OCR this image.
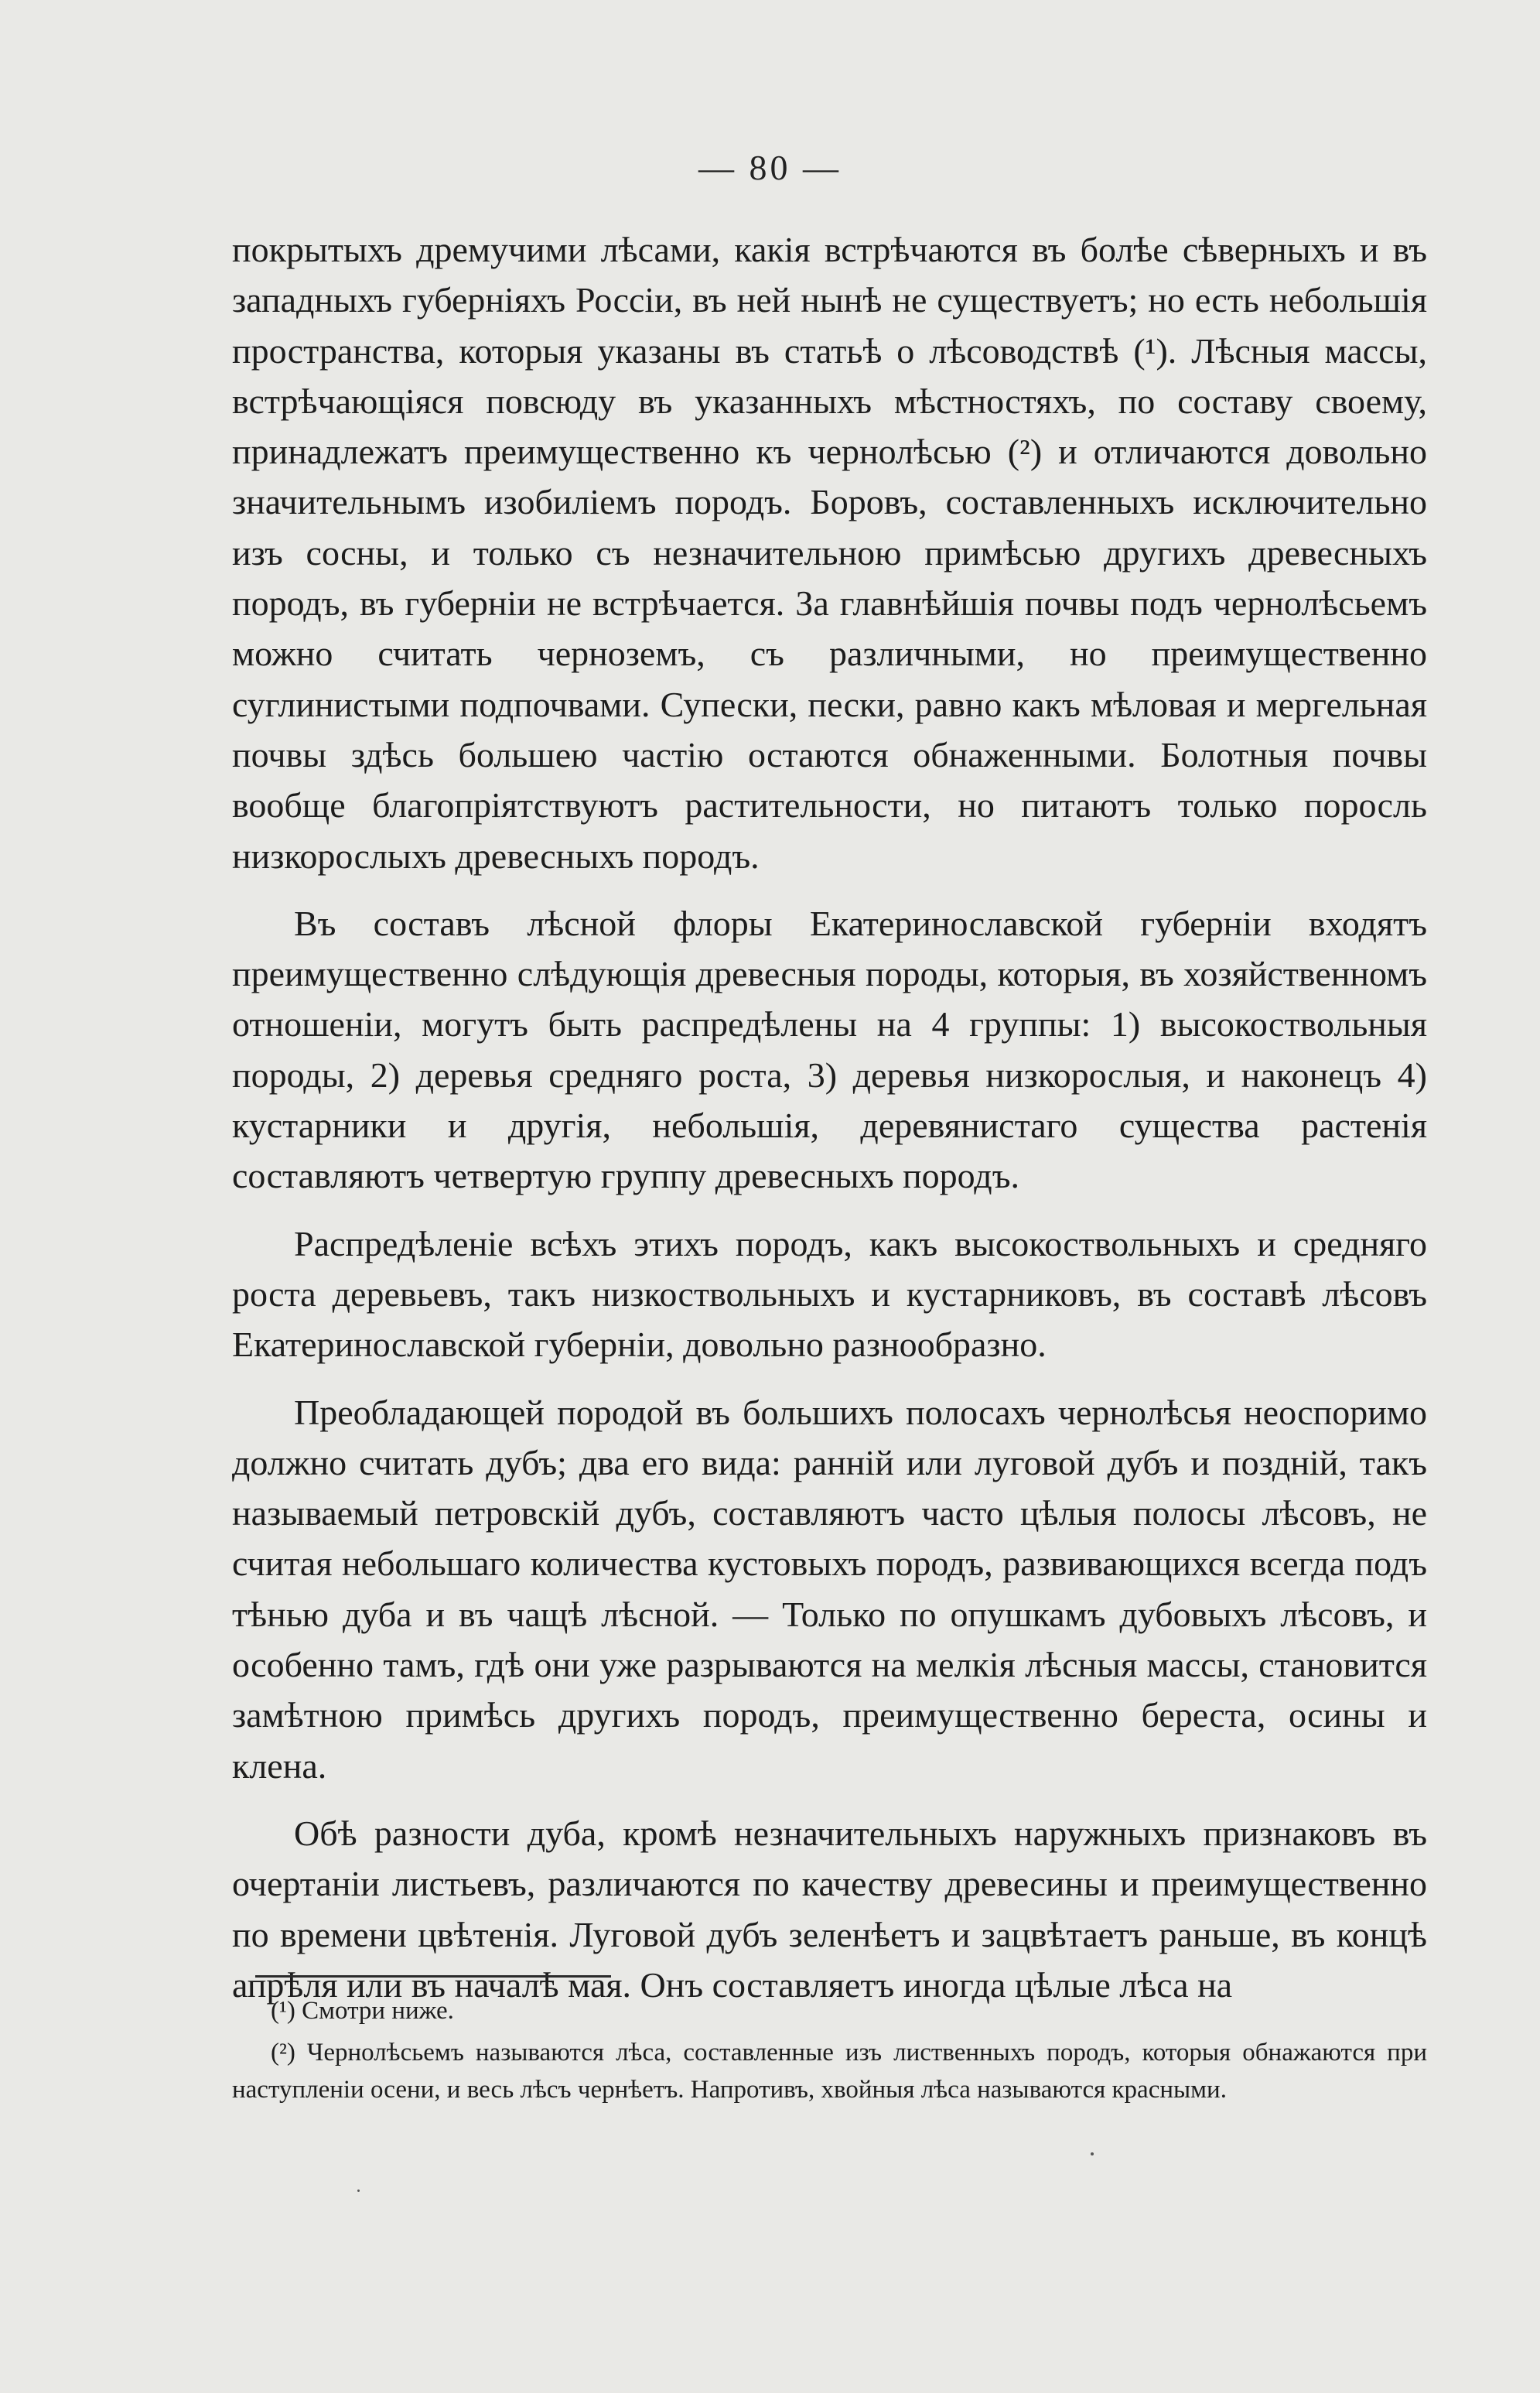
— 80 —

покрытыхъ дремучими лѣсами, какія встрѣчаются въ болѣе сѣверныхъ и въ западныхъ губерніяхъ Россіи, въ ней нынѣ не существуетъ; но есть небольшія пространства, которыя указаны въ статьѣ о лѣсоводствѣ (¹). Лѣсныя массы, встрѣчающіяся повсюду въ указанныхъ мѣстностяхъ, по составу своему, принадлежатъ преимущественно къ чернолѣсью (²) и отличаются довольно значительнымъ изобиліемъ породъ. Боровъ, составленныхъ исключительно изъ сосны, и только съ незначительною примѣсью другихъ древесныхъ породъ, въ губерніи не встрѣчается. За главнѣйшія почвы подъ чернолѣсьемъ можно считать черноземъ, съ различными, но преимущественно суглинистыми подпочвами. Супески, пески, равно какъ мѣловая и мергельная почвы здѣсь большею частію остаются обнаженными. Болотныя почвы вообще благопріятствуютъ растительности, но питаютъ только поросль низкорослыхъ древесныхъ породъ.

Въ составъ лѣсной флоры Екатеринославской губерніи входятъ преимущественно слѣдующія древесныя породы, которыя, въ хозяйственномъ отношеніи, могутъ быть распредѣлены на 4 группы: 1) высокоствольныя породы, 2) деревья средняго роста, 3) деревья низкорослыя, и наконецъ 4) кустарники и другія, небольшія, деревянистаго существа растенія составляютъ четвертую группу древесныхъ породъ.

Распредѣленіе всѣхъ этихъ породъ, какъ высокоствольныхъ и средняго роста деревьевъ, такъ низкоствольныхъ и кустарниковъ, въ составѣ лѣсовъ Екатеринославской губерніи, довольно разнообразно.

Преобладающей породой въ большихъ полосахъ чернолѣсья неоспоримо должно считать дубъ; два его вида: ранній или луговой дубъ и поздній, такъ называемый петровскій дубъ, составляютъ часто цѣлыя полосы лѣсовъ, не считая небольшаго количества кустовыхъ породъ, развивающихся всегда подъ тѣнью дуба и въ чащѣ лѣсной. — Только по опушкамъ дубовыхъ лѣсовъ, и особенно тамъ, гдѣ они уже разрываются на мелкія лѣсныя массы, становится замѣтною примѣсь другихъ породъ, преимущественно береста, осины и клена.

Обѣ разности дуба, кромѣ незначительныхъ наружныхъ признаковъ въ очертаніи листьевъ, различаются по качеству древесины и преимущественно по времени цвѣтенія. Луговой дубъ зеленѣетъ и зацвѣтаетъ раньше, въ концѣ апрѣля или въ началѣ мая. Онъ составляетъ иногда цѣлые лѣса на

(¹) Смотри ниже.

(²) Чернолѣсьемъ называются лѣса, составленные изъ лиственныхъ породъ, которыя обнажаются при наступленіи осени, и весь лѣсъ чернѣетъ. Напротивъ, хвойныя лѣса называются красными.
